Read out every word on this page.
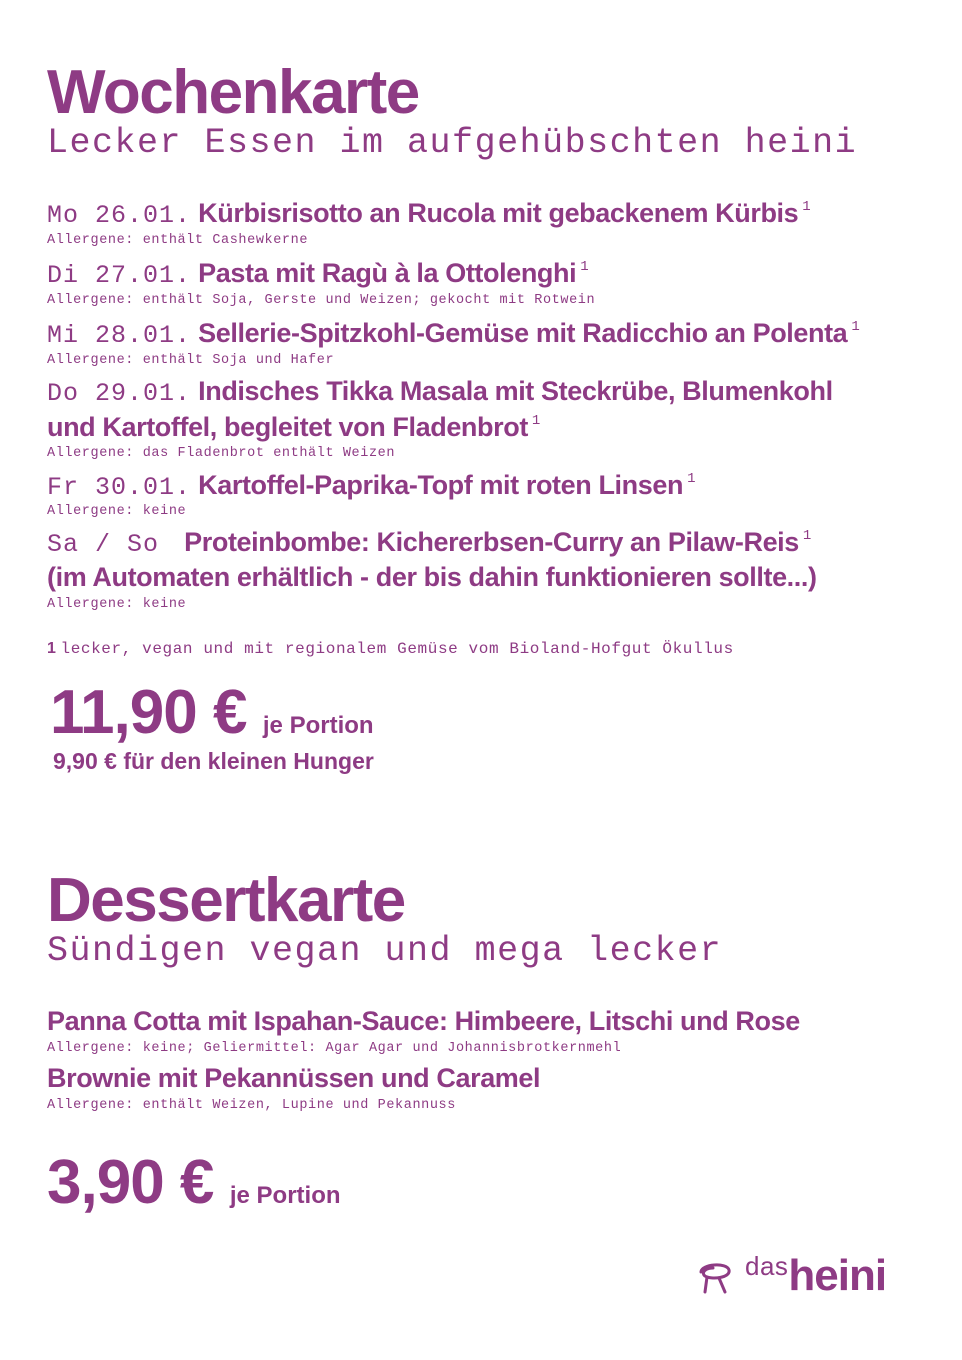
Wochenkarte
Lecker Essen im aufgehübschten heini
Mo 26.01. Kürbisrisotto an Rucola mit gebackenem Kürbis $^1$
Allergene: enthält Cashewkerne
Di 27.01. Pasta mit Ragù à la Ottolenghi $^1$
Allergene: enthält Soja, Gerste und Weizen; gekocht mit Rotwein
Mi 28.01. Sellerie-Spitzkohl-Gemüse mit Radicchio an Polenta $^1$
Allergene: enthält Soja und Hafer
Do 29.01. Indisches Tikka Masala mit Steckrübe, Blumenkohl
und Kartoffel, begleitet von Fladenbrot $^1$
Allergene: das Fladenbrot enthält Weizen
Fr 30.01. Kartoffel-Paprika-Topf mit roten Linsen $^1$
Allergene: keine
Sa / So Proteinbombe: Kichererbsen-Curry an Pilaw-Reis $^1$
(im Automaten erhältlich - der bis dahin funktionieren sollte...)
Allergene: keine
1 lecker, vegan und mit regionalem Gemüse vom Bioland-Hofgut Ökullus
11,90 € je Portion
9,90 € für den kleinen Hunger
Dessertkarte
Sündigen vegan und mega lecker
Panna Cotta mit Ispahan-Sauce: Himbeere, Litschi und Rose
Allergene: keine; Geliermittel: Agar Agar und Johannisbrotkernmehl
Brownie mit Pekannüssen und Caramel
Allergene: enthält Weizen, Lupine und Pekannuss
3,90 € je Portion
das heini
